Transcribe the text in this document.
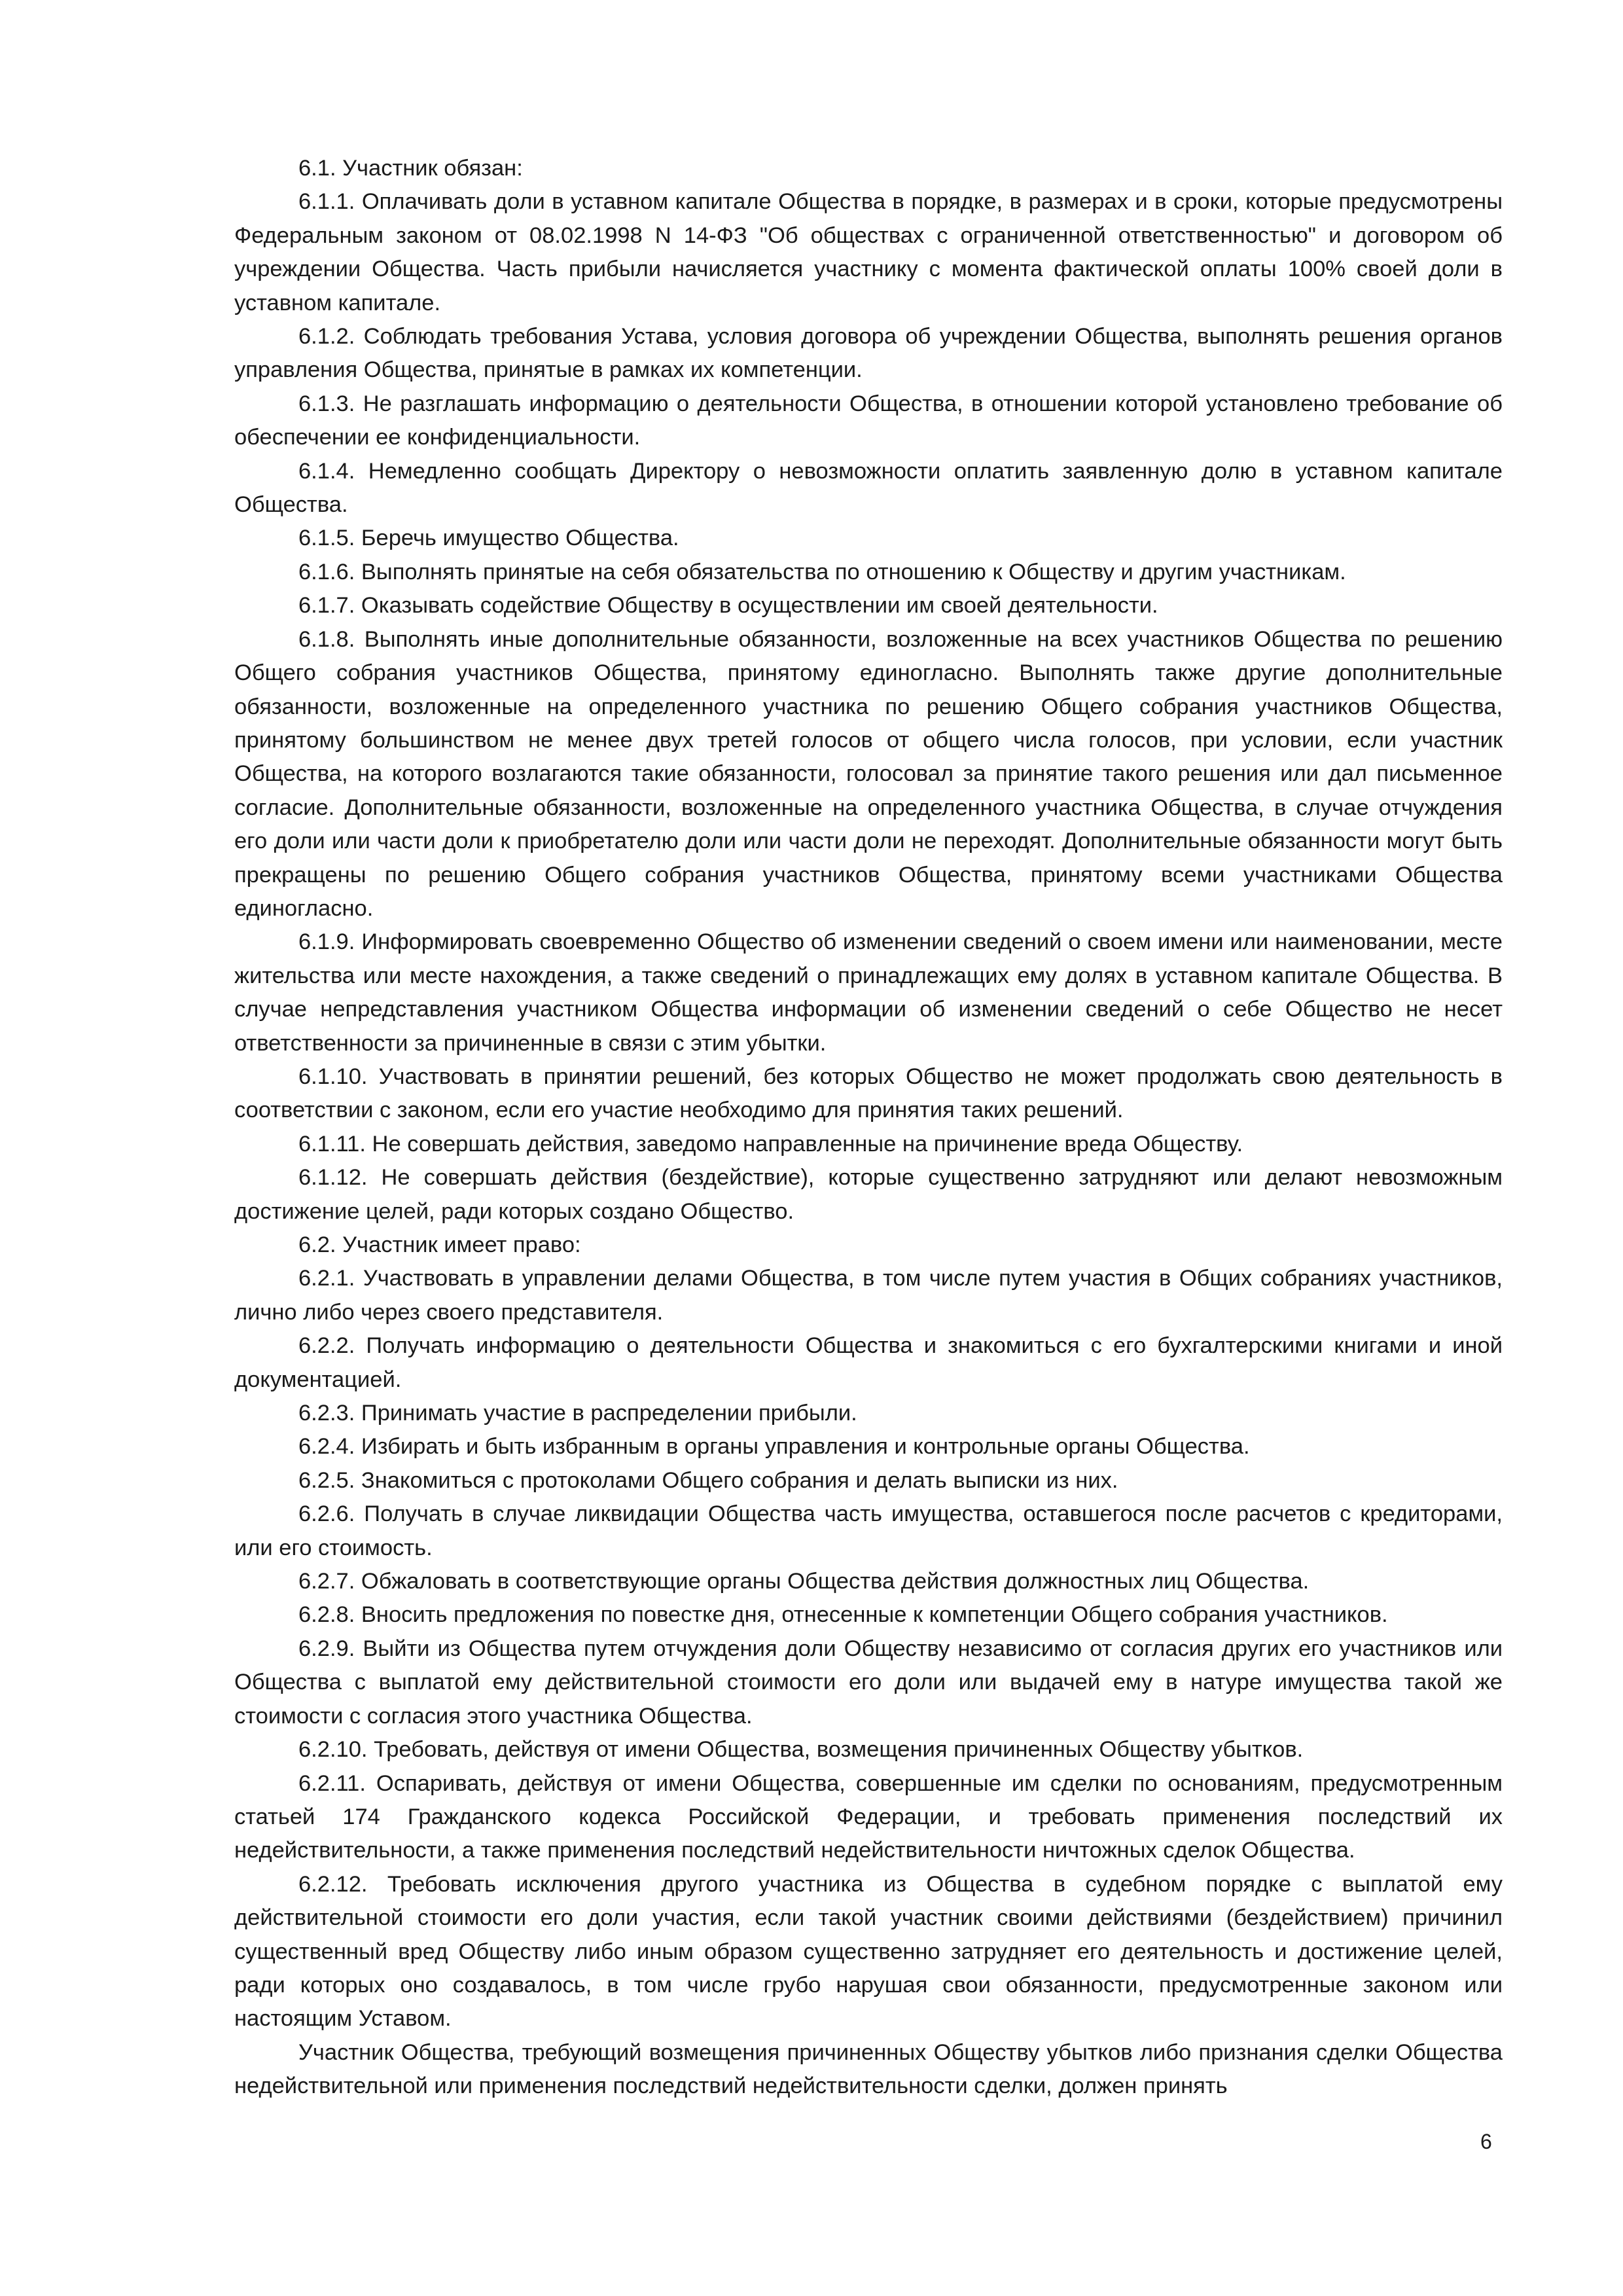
6.1. Участник обязан:

6.1.1. Оплачивать доли в уставном капитале Общества в порядке, в размерах и в сроки, которые предусмотрены Федеральным законом от 08.02.1998 N 14-ФЗ "Об обществах с ограниченной ответственностью" и договором об учреждении Общества. Часть прибыли начисляется участнику с момента фактической оплаты 100% своей доли в уставном капитале.

6.1.2. Соблюдать требования Устава, условия договора об учреждении Общества, выполнять решения органов управления Общества, принятые в рамках их компетенции.

6.1.3. Не разглашать информацию о деятельности Общества, в отношении которой установлено требование об обеспечении ее конфиденциальности.

6.1.4. Немедленно сообщать Директору о невозможности оплатить заявленную долю в уставном капитале Общества.

6.1.5. Беречь имущество Общества.

6.1.6. Выполнять принятые на себя обязательства по отношению к Обществу и другим участникам.

6.1.7. Оказывать содействие Обществу в осуществлении им своей деятельности.

6.1.8. Выполнять иные дополнительные обязанности, возложенные на всех участников Общества по решению Общего собрания участников Общества, принятому единогласно. Выполнять также другие дополнительные обязанности, возложенные на определенного участника по решению Общего собрания участников Общества, принятому большинством не менее двух третей голосов от общего числа голосов, при условии, если участник Общества, на которого возлагаются такие обязанности, голосовал за принятие такого решения или дал письменное согласие. Дополнительные обязанности, возложенные на определенного участника Общества, в случае отчуждения его доли или части доли к приобретателю доли или части доли не переходят. Дополнительные обязанности могут быть прекращены по решению Общего собрания участников Общества, принятому всеми участниками Общества единогласно.

6.1.9. Информировать своевременно Общество об изменении сведений о своем имени или наименовании, месте жительства или месте нахождения, а также сведений о принадлежащих ему долях в уставном капитале Общества. В случае непредставления участником Общества информации об изменении сведений о себе Общество не несет ответственности за причиненные в связи с этим убытки.

6.1.10. Участвовать в принятии решений, без которых Общество не может продолжать свою деятельность в соответствии с законом, если его участие необходимо для принятия таких решений.

6.1.11. Не совершать действия, заведомо направленные на причинение вреда Обществу.

6.1.12. Не совершать действия (бездействие), которые существенно затрудняют или делают невозможным достижение целей, ради которых создано Общество.

6.2. Участник имеет право:

6.2.1. Участвовать в управлении делами Общества, в том числе путем участия в Общих собраниях участников, лично либо через своего представителя.

6.2.2. Получать информацию о деятельности Общества и знакомиться с его бухгалтерскими книгами и иной документацией.

6.2.3. Принимать участие в распределении прибыли.

6.2.4. Избирать и быть избранным в органы управления и контрольные органы Общества.

6.2.5. Знакомиться с протоколами Общего собрания и делать выписки из них.

6.2.6. Получать в случае ликвидации Общества часть имущества, оставшегося после расчетов с кредиторами, или его стоимость.

6.2.7. Обжаловать в соответствующие органы Общества действия должностных лиц Общества.

6.2.8. Вносить предложения по повестке дня, отнесенные к компетенции Общего собрания участников.

6.2.9. Выйти из Общества путем отчуждения доли Обществу независимо от согласия других его участников или Общества с выплатой ему действительной стоимости его доли или выдачей ему в натуре имущества такой же стоимости с согласия этого участника Общества.

6.2.10. Требовать, действуя от имени Общества, возмещения причиненных Обществу убытков.

6.2.11. Оспаривать, действуя от имени Общества, совершенные им сделки по основаниям, предусмотренным статьей 174 Гражданского кодекса Российской Федерации, и требовать применения последствий их недействительности, а также применения последствий недействительности ничтожных сделок Общества.

6.2.12. Требовать исключения другого участника из Общества в судебном порядке с выплатой ему действительной стоимости его доли участия, если такой участник своими действиями (бездействием) причинил существенный вред Обществу либо иным образом существенно затрудняет его деятельность и достижение целей, ради которых оно создавалось, в том числе грубо нарушая свои обязанности, предусмотренные законом или настоящим Уставом.

Участник Общества, требующий возмещения причиненных Обществу убытков либо признания сделки Общества недействительной или применения последствий недействительности сделки, должен принять

6
